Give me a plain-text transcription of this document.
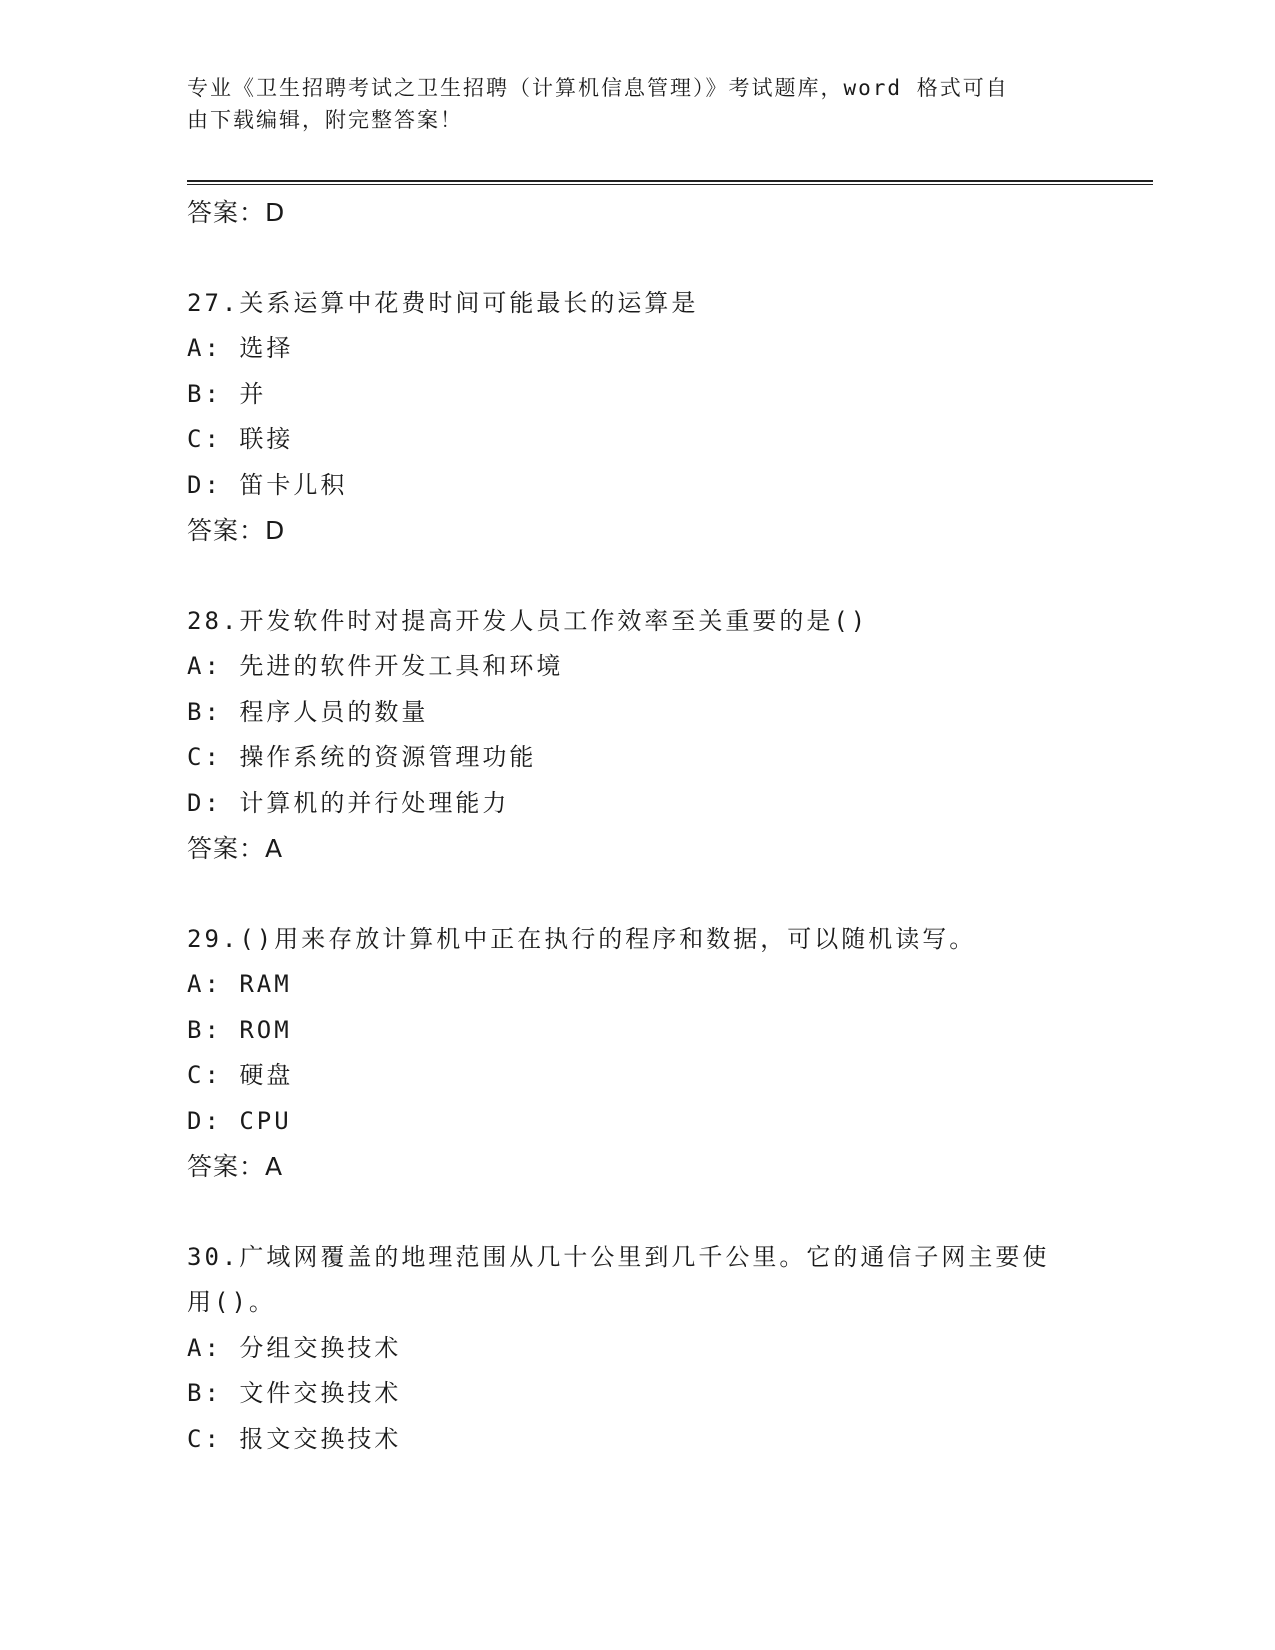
专业《卫生招聘考试之卫生招聘（计算机信息管理）》考试题库，word 格式可自
由下载编辑，附完整答案！
答案：D
27.关系运算中花费时间可能最长的运算是
A: 选择
B: 并
C: 联接
D: 笛卡儿积
答案：D
28.开发软件时对提高开发人员工作效率至关重要的是()
A: 先进的软件开发工具和环境
B: 程序人员的数量
C: 操作系统的资源管理功能
D: 计算机的并行处理能力
答案：A
29.()用来存放计算机中正在执行的程序和数据，可以随机读写。
A: RAM
B: ROM
C: 硬盘
D: CPU
答案：A
30.广域网覆盖的地理范围从几十公里到几千公里。它的通信子网主要使用()。
A: 分组交换技术
B: 文件交换技术
C: 报文交换技术
